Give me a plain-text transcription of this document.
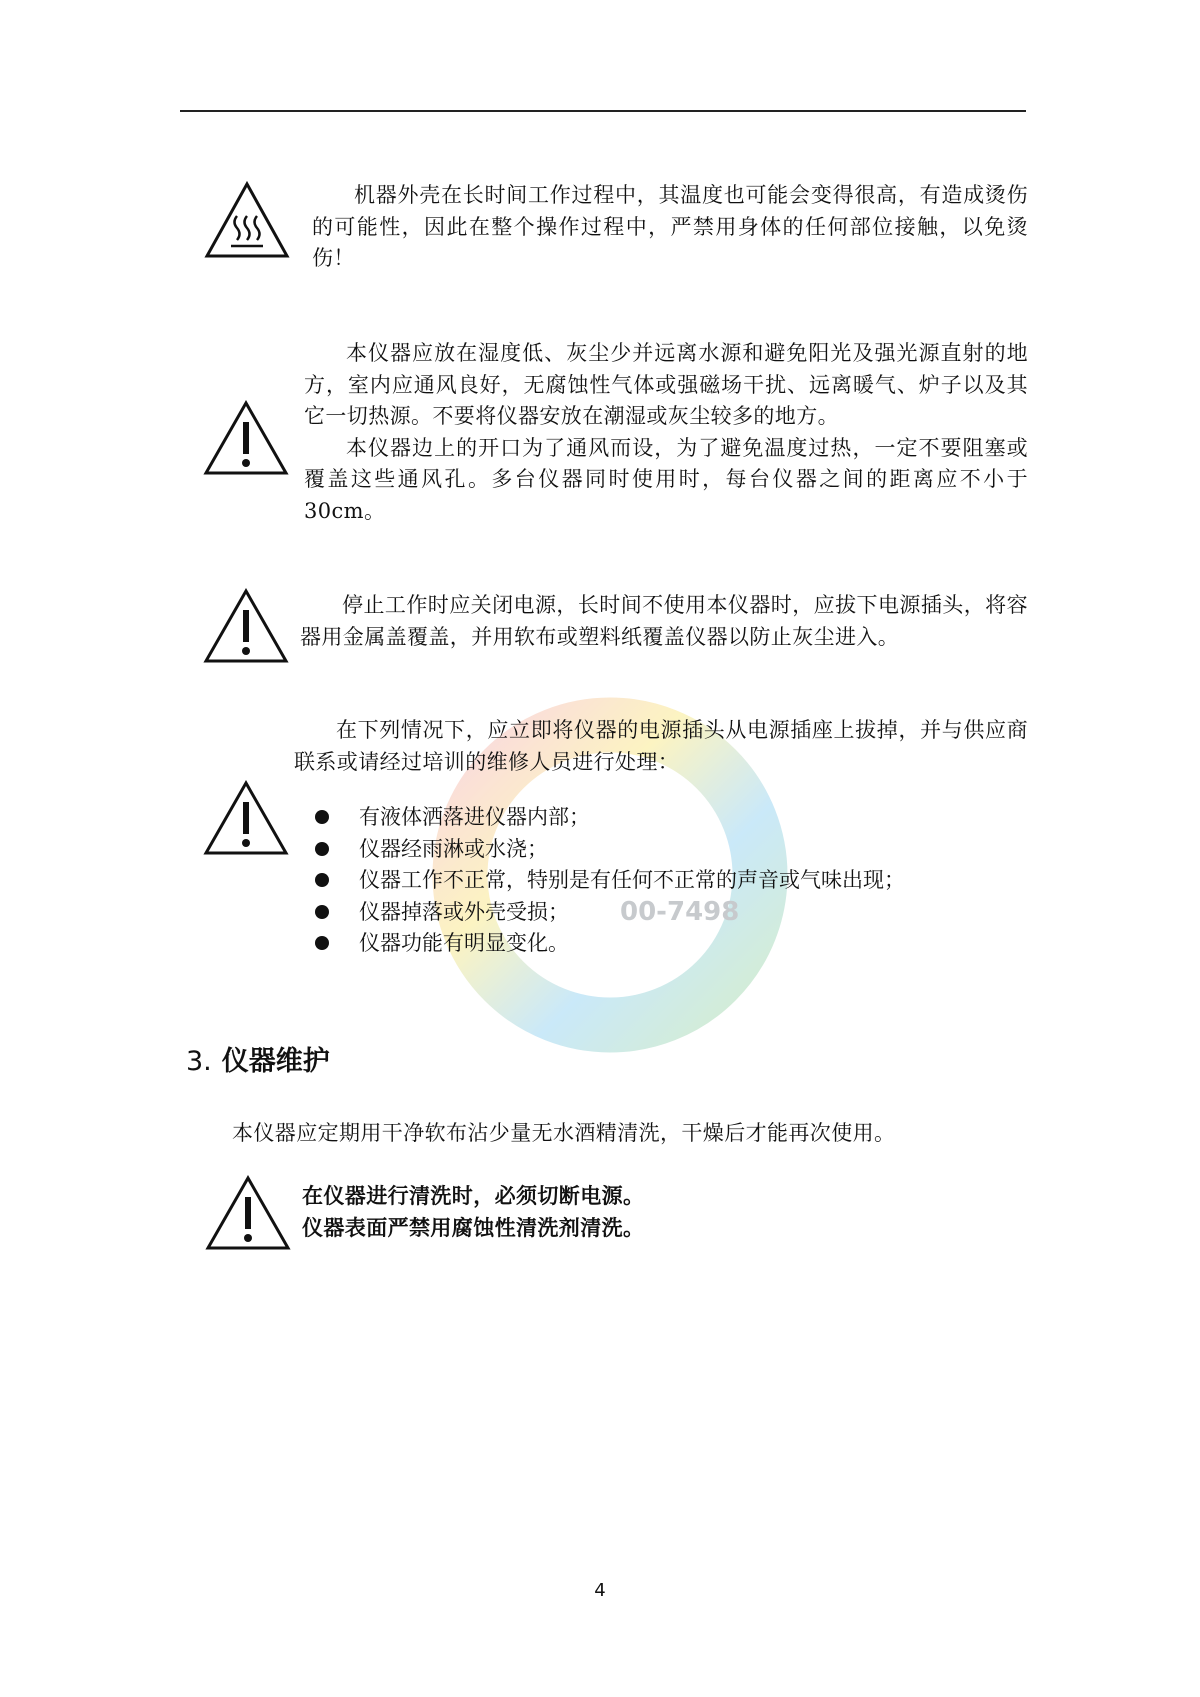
00-7498

机器外壳在长时间工作过程中，其温度也可能会变得很高，有造成烫伤的可能性，因此在整个操作过程中，严禁用身体的任何部位接触，以免烫伤！

本仪器应放在湿度低、灰尘少并远离水源和避免阳光及强光源直射的地方，室内应通风良好，无腐蚀性气体或强磁场干扰、远离暖气、炉子以及其它一切热源。不要将仪器安放在潮湿或灰尘较多的地方。

本仪器边上的开口为了通风而设，为了避免温度过热，一定不要阻塞或覆盖这些通风孔。多台仪器同时使用时，每台仪器之间的距离应不小于 30cm。

停止工作时应关闭电源，长时间不使用本仪器时，应拔下电源插头，将容器用金属盖覆盖，并用软布或塑料纸覆盖仪器以防止灰尘进入。

在下列情况下，应立即将仪器的电源插头从电源插座上拔掉，并与供应商联系或请经过培训的维修人员进行处理：

有液体洒落进仪器内部；
仪器经雨淋或水浇；
仪器工作不正常，特别是有任何不正常的声音或气味出现；
仪器掉落或外壳受损；
仪器功能有明显变化。
3. 仪器维护
本仪器应定期用干净软布沾少量无水酒精清洗，干燥后才能再次使用。
在仪器进行清洗时，必须切断电源。
仪器表面严禁用腐蚀性清洗剂清洗。
4
